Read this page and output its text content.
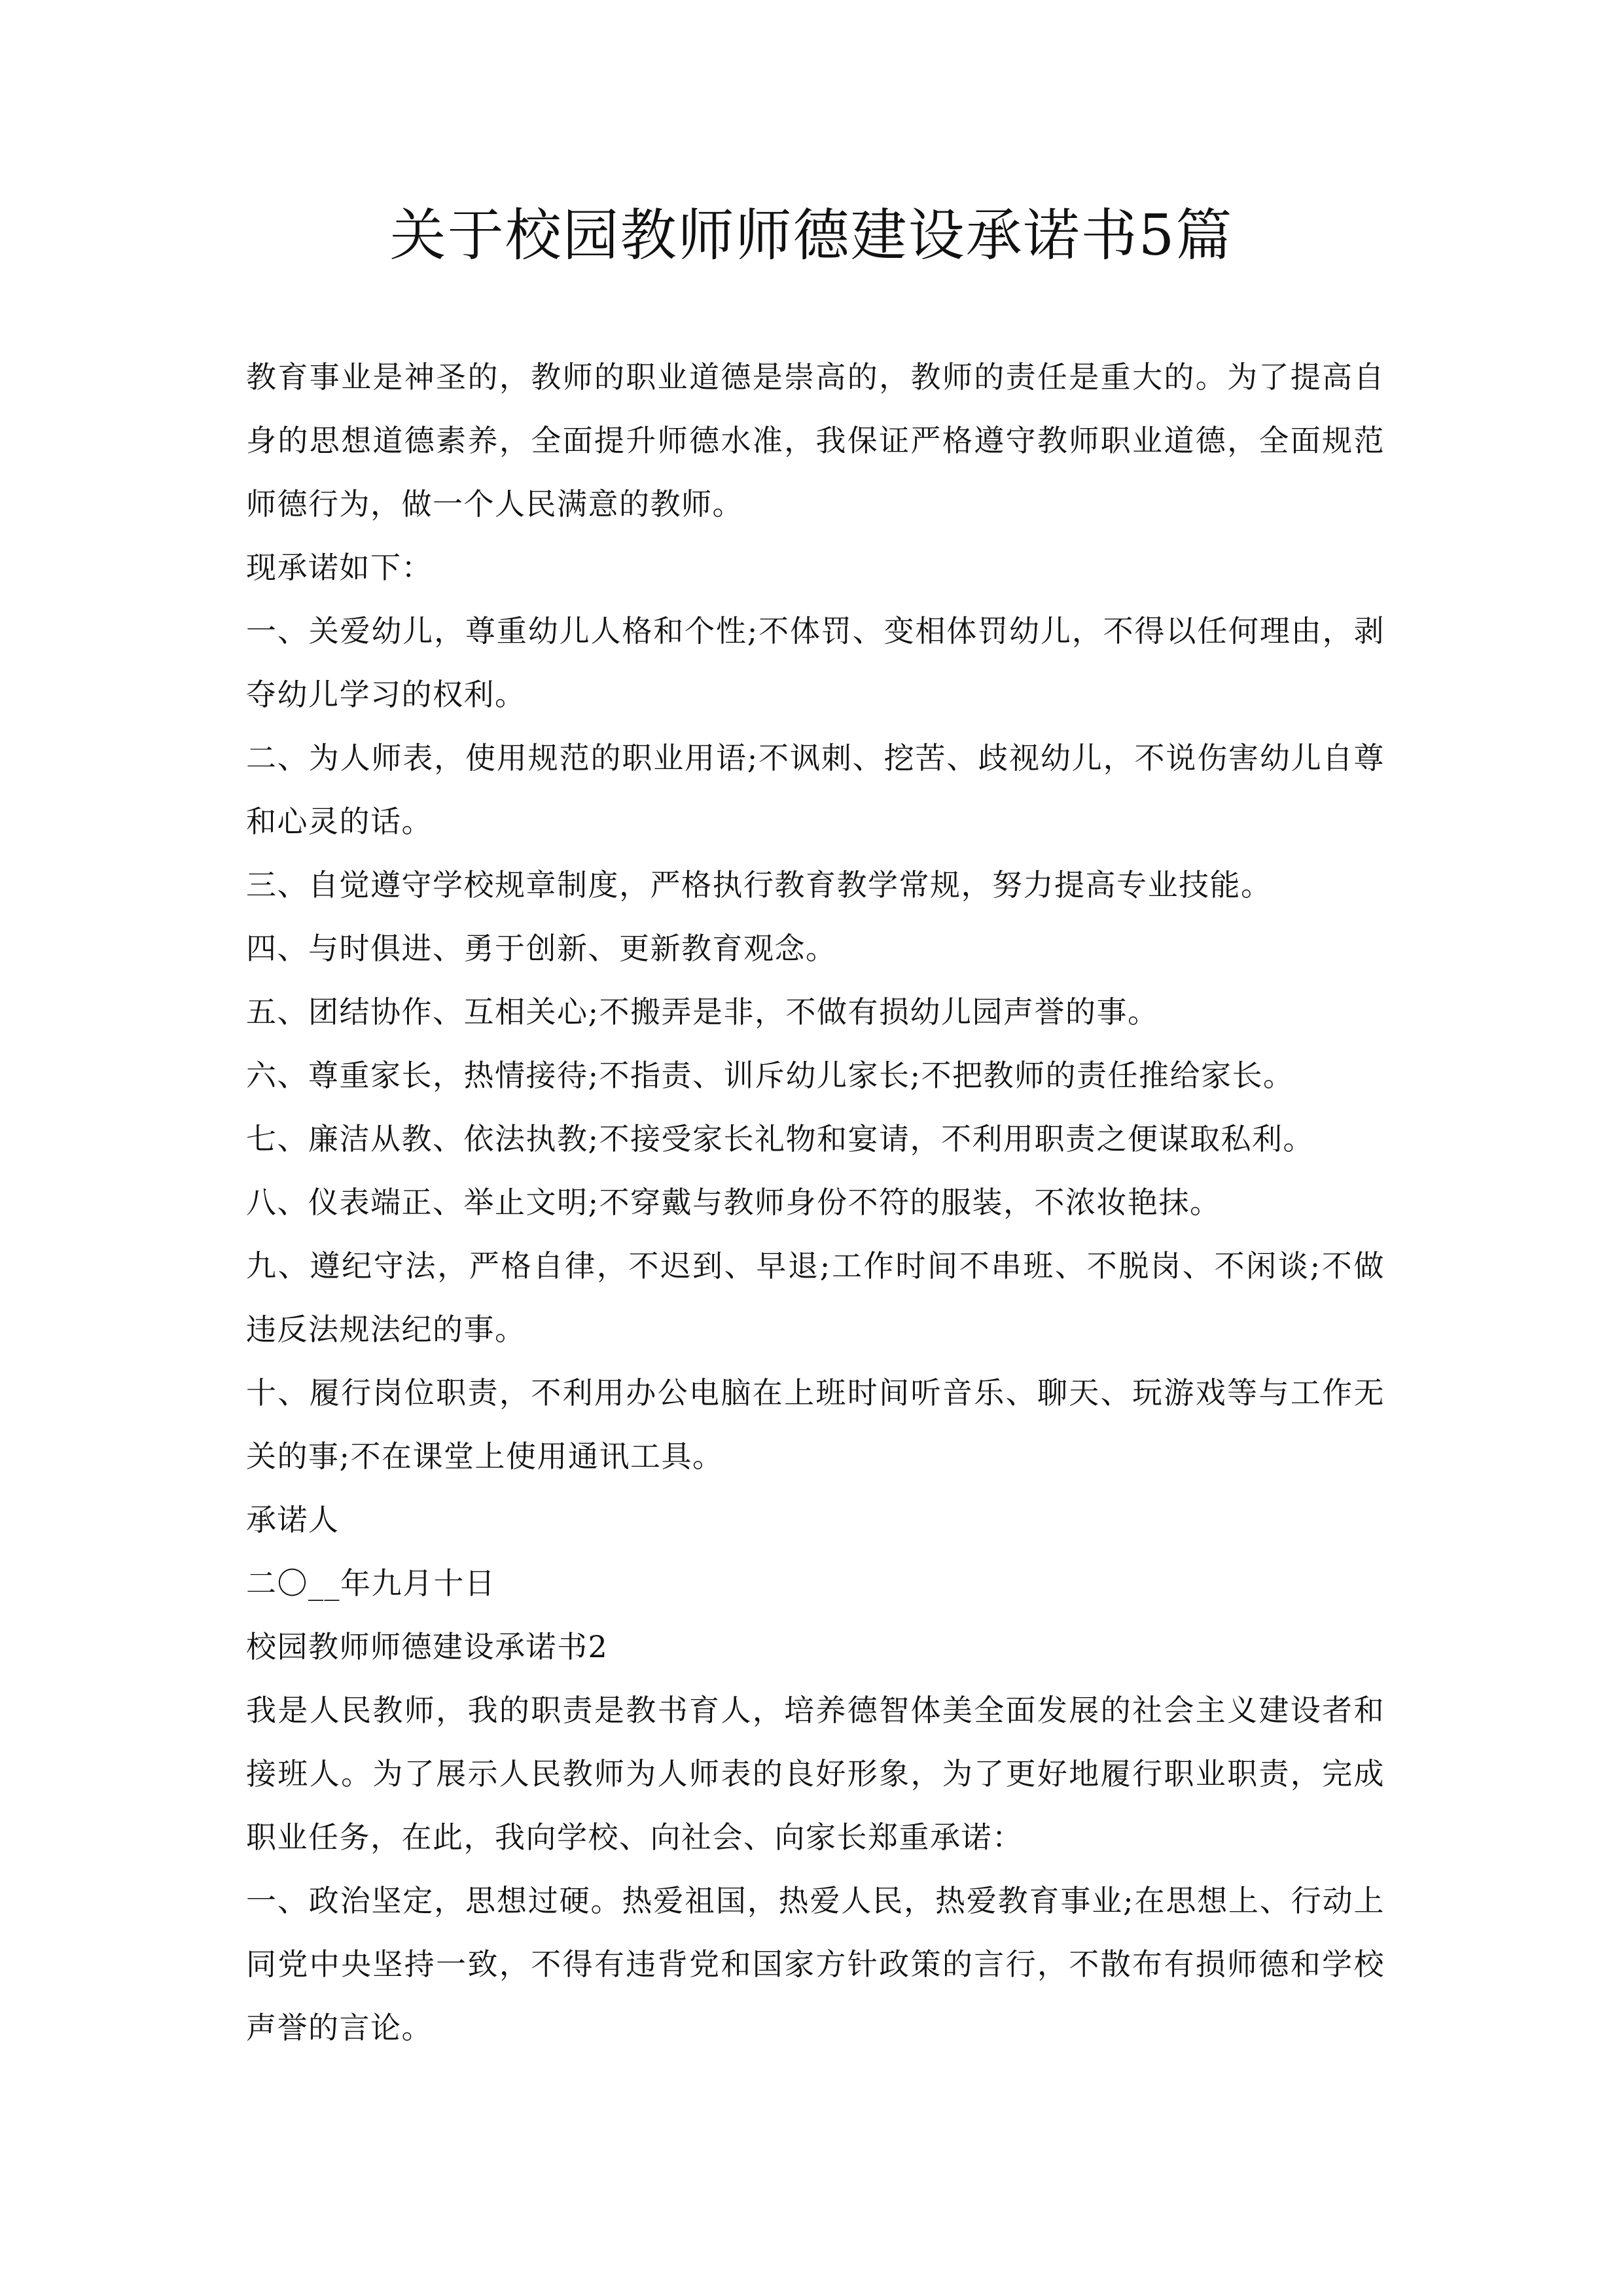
关于校园教师师德建设承诺书5篇

教育事业是神圣的，教师的职业道德是崇高的，教师的责任是重大的。为了提高自身的思想道德素养，全面提升师德水准，我保证严格遵守教师职业道德，全面规范师德行为，做一个人民满意的教师。

现承诺如下：

一、关爱幼儿，尊重幼儿人格和个性;不体罚、变相体罚幼儿，不得以任何理由，剥夺幼儿学习的权利。

二、为人师表，使用规范的职业用语;不讽刺、挖苦、歧视幼儿，不说伤害幼儿自尊和心灵的话。

三、自觉遵守学校规章制度，严格执行教育教学常规，努力提高专业技能。

四、与时俱进、勇于创新、更新教育观念。

五、团结协作、互相关心;不搬弄是非，不做有损幼儿园声誉的事。

六、尊重家长，热情接待;不指责、训斥幼儿家长;不把教师的责任推给家长。

七、廉洁从教、依法执教;不接受家长礼物和宴请，不利用职责之便谋取私利。

八、仪表端正、举止文明;不穿戴与教师身份不符的服装，不浓妆艳抹。

九、遵纪守法，严格自律，不迟到、早退;工作时间不串班、不脱岗、不闲谈;不做违反法规法纪的事。

十、履行岗位职责，不利用办公电脑在上班时间听音乐、聊天、玩游戏等与工作无关的事;不在课堂上使用通讯工具。

承诺人

二〇__年九月十日

校园教师师德建设承诺书2

我是人民教师，我的职责是教书育人，培养德智体美全面发展的社会主义建设者和接班人。为了展示人民教师为人师表的良好形象，为了更好地履行职业职责，完成职业任务，在此，我向学校、向社会、向家长郑重承诺：

一、政治坚定，思想过硬。热爱祖国，热爱人民，热爱教育事业;在思想上、行动上同党中央坚持一致，不得有违背党和国家方针政策的言行，不散布有损师德和学校声誉的言论。
